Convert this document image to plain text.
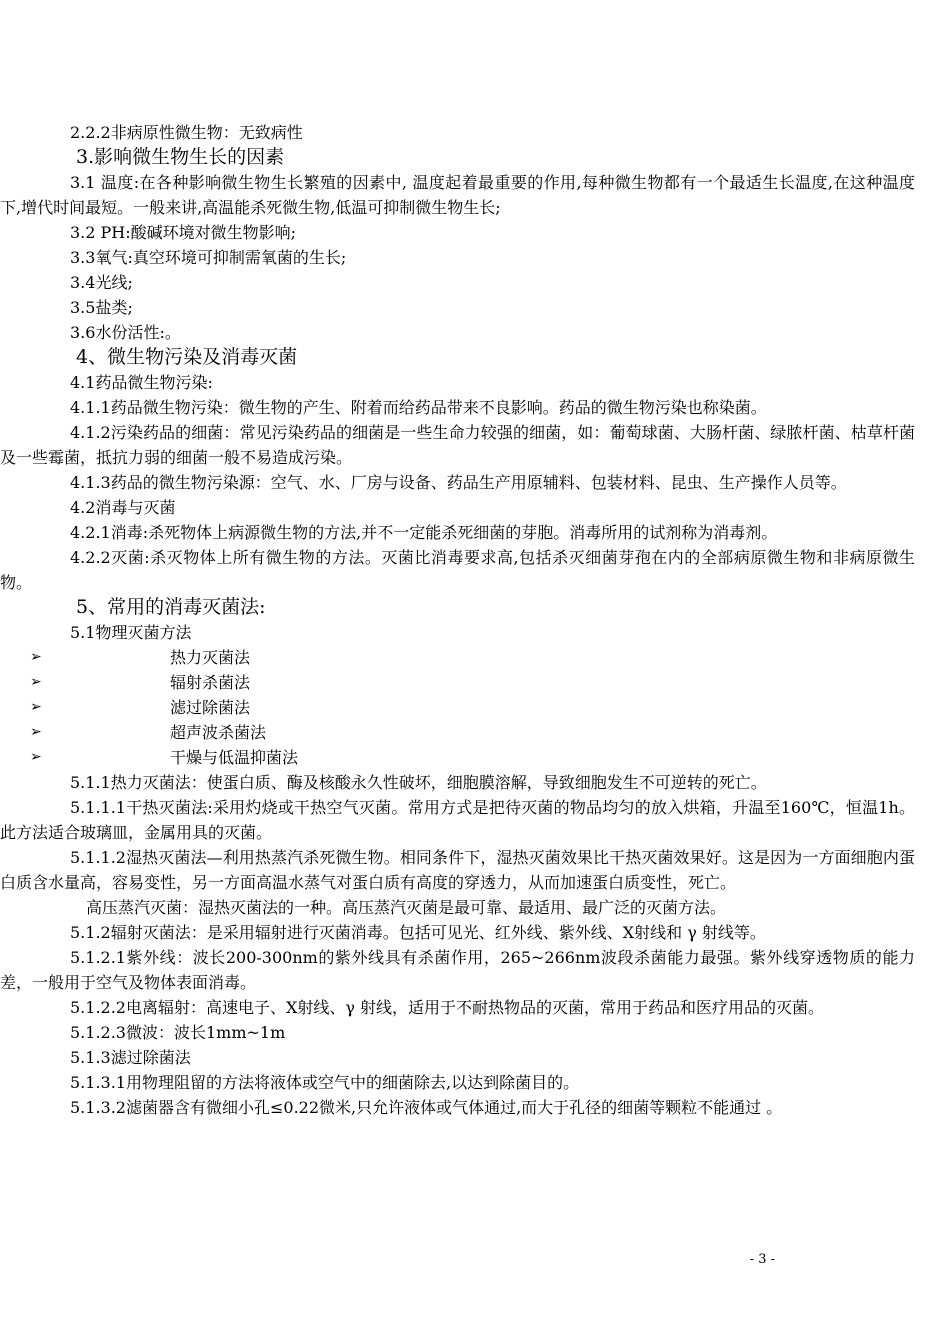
2.2.2非病原性微生物：无致病性

3.影响微生物生长的因素

3.1 温度:在各种影响微生物生长繁殖的因素中, 温度起着最重要的作用,每种微生物都有一个最适生长温度,在这种温度下,增代时间最短。一般来讲,高温能杀死微生物,低温可抑制微生物生长;

3.2 PH:酸碱环境对微生物影响;

3.3氧气:真空环境可抑制需氧菌的生长;

3.4光线;

3.5盐类;

3.6水份活性:。

4、微生物污染及消毒灭菌

4.1药品微生物污染:

4.1.1药品微生物污染：微生物的产生、附着而给药品带来不良影响。药品的微生物污染也称染菌。

4.1.2污染药品的细菌：常见污染药品的细菌是一些生命力较强的细菌，如：葡萄球菌、大肠杆菌、绿脓杆菌、枯草杆菌及一些霉菌，抵抗力弱的细菌一般不易造成污染。

4.1.3药品的微生物污染源：空气、水、厂房与设备、药品生产用原辅料、包装材料、昆虫、生产操作人员等。

4.2消毒与灭菌

4.2.1消毒:杀死物体上病源微生物的方法,并不一定能杀死细菌的芽胞。消毒所用的试剂称为消毒剂。

4.2.2灭菌:杀灭物体上所有微生物的方法。灭菌比消毒要求高,包括杀灭细菌芽孢在内的全部病原微生物和非病原微生物。

5、常用的消毒灭菌法:

5.1物理灭菌方法

➢	热力灭菌法
➢	辐射杀菌法
➢	滤过除菌法
➢	超声波杀菌法
➢	干燥与低温抑菌法

5.1.1热力灭菌法：使蛋白质、酶及核酸永久性破坏，细胞膜溶解，导致细胞发生不可逆转的死亡。

5.1.1.1干热灭菌法:采用灼烧或干热空气灭菌。常用方式是把待灭菌的物品均匀的放入烘箱，升温至160℃，恒温1h。此方法适合玻璃皿，金属用具的灭菌。

5.1.1.2湿热灭菌法—利用热蒸汽杀死微生物。相同条件下，湿热灭菌效果比干热灭菌效果好。这是因为一方面细胞内蛋白质含水量高，容易变性，另一方面高温水蒸气对蛋白质有高度的穿透力，从而加速蛋白质变性，死亡。

高压蒸汽灭菌：湿热灭菌法的一种。高压蒸汽灭菌是最可靠、最适用、最广泛的灭菌方法。

5.1.2辐射灭菌法：是采用辐射进行灭菌消毒。包括可见光、红外线、紫外线、X射线和 γ 射线等。

5.1.2.1紫外线：波长200-300nm的紫外线具有杀菌作用，265~266nm波段杀菌能力最强。紫外线穿透物质的能力差，一般用于空气及物体表面消毒。

5.1.2.2电离辐射：高速电子、X射线、γ 射线，适用于不耐热物品的灭菌，常用于药品和医疗用品的灭菌。

5.1.2.3微波：波长1mm~1m

5.1.3滤过除菌法

5.1.3.1用物理阻留的方法将液体或空气中的细菌除去,以达到除菌目的。

5.1.3.2滤菌器含有微细小孔≤0.22微米,只允许液体或气体通过,而大于孔径的细菌等颗粒不能通过 。

- 3 -
